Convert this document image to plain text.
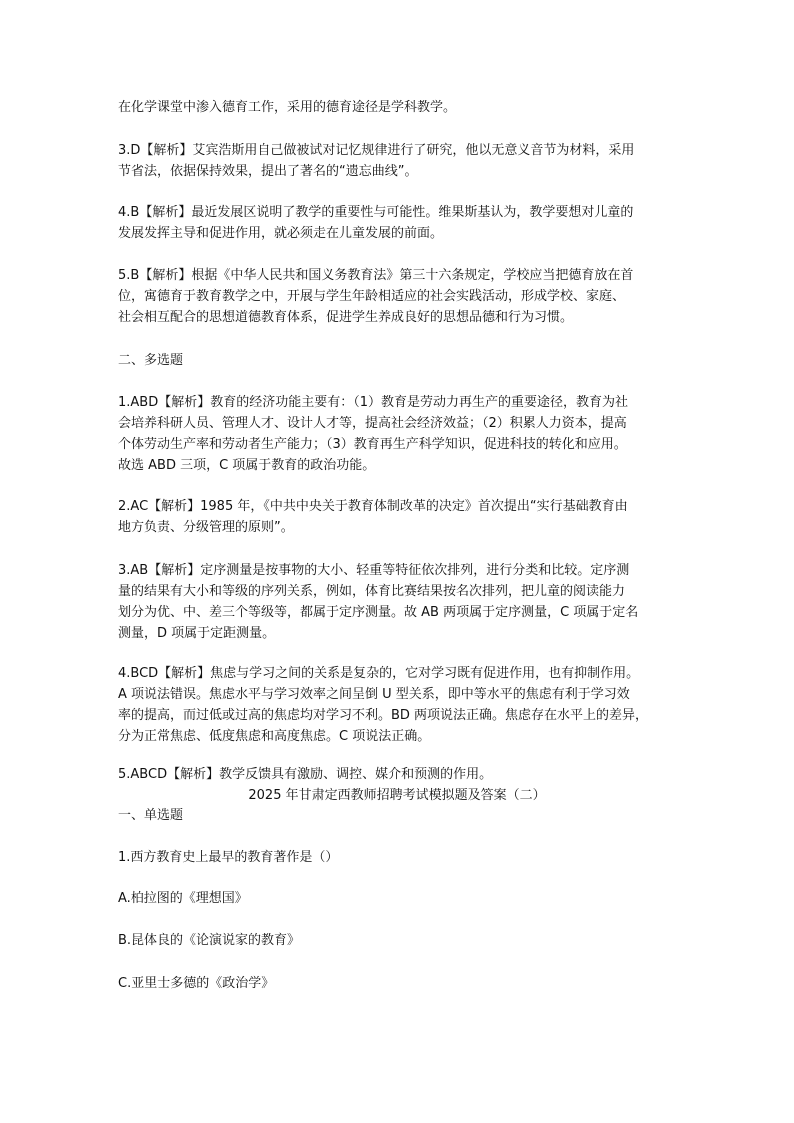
2025 年甘肃定西教师招聘考试模拟题及答案（二）
在化学课堂中渗入德育工作，采用的德育途径是学科教学。
3.D【解析】艾宾浩斯用自己做被试对记忆规律进行了研究，他以无意义音节为材料，采用
节省法，依据保持效果，提出了著名的“遗忘曲线”。
4.B【解析】最近发展区说明了教学的重要性与可能性。维果斯基认为，教学要想对儿童的
发展发挥主导和促进作用，就必须走在儿童发展的前面。
5.B【解析】根据《中华人民共和国义务教育法》第三十六条规定，学校应当把德育放在首
位，寓德育于教育教学之中，开展与学生年龄相适应的社会实践活动，形成学校、家庭、
社会相互配合的思想道德教育体系，促进学生养成良好的思想品德和行为习惯。
二、多选题
1.ABD【解析】教育的经济功能主要有：（1）教育是劳动力再生产的重要途径，教育为社
会培养科研人员、管理人才、设计人才等，提高社会经济效益；（2）积累人力资本，提高
个体劳动生产率和劳动者生产能力；（3）教育再生产科学知识，促进科技的转化和应用。
故选 ABD 三项，C 项属于教育的政治功能。
2.AC【解析】1985 年，《中共中央关于教育体制改革的决定》首次提出“实行基础教育由
地方负责、分级管理的原则”。
3.AB【解析】定序测量是按事物的大小、轻重等特征依次排列，进行分类和比较。定序测
量的结果有大小和等级的序列关系，例如，体育比赛结果按名次排列，把儿童的阅读能力
划分为优、中、差三个等级等，都属于定序测量。故 AB 两项属于定序测量，C 项属于定名
测量，D 项属于定距测量。
4.BCD【解析】焦虑与学习之间的关系是复杂的，它对学习既有促进作用，也有抑制作用。
A 项说法错误。焦虑水平与学习效率之间呈倒 U 型关系，即中等水平的焦虑有利于学习效
率的提高，而过低或过高的焦虑均对学习不利。BD 两项说法正确。焦虑存在水平上的差异，
分为正常焦虑、低度焦虑和高度焦虑。C 项说法正确。
5.ABCD【解析】教学反馈具有激励、调控、媒介和预测的作用。
一、单选题
1.西方教育史上最早的教育著作是（）
A.柏拉图的《理想国》
B.昆体良的《论演说家的教育》
C.亚里士多德的《政治学》
